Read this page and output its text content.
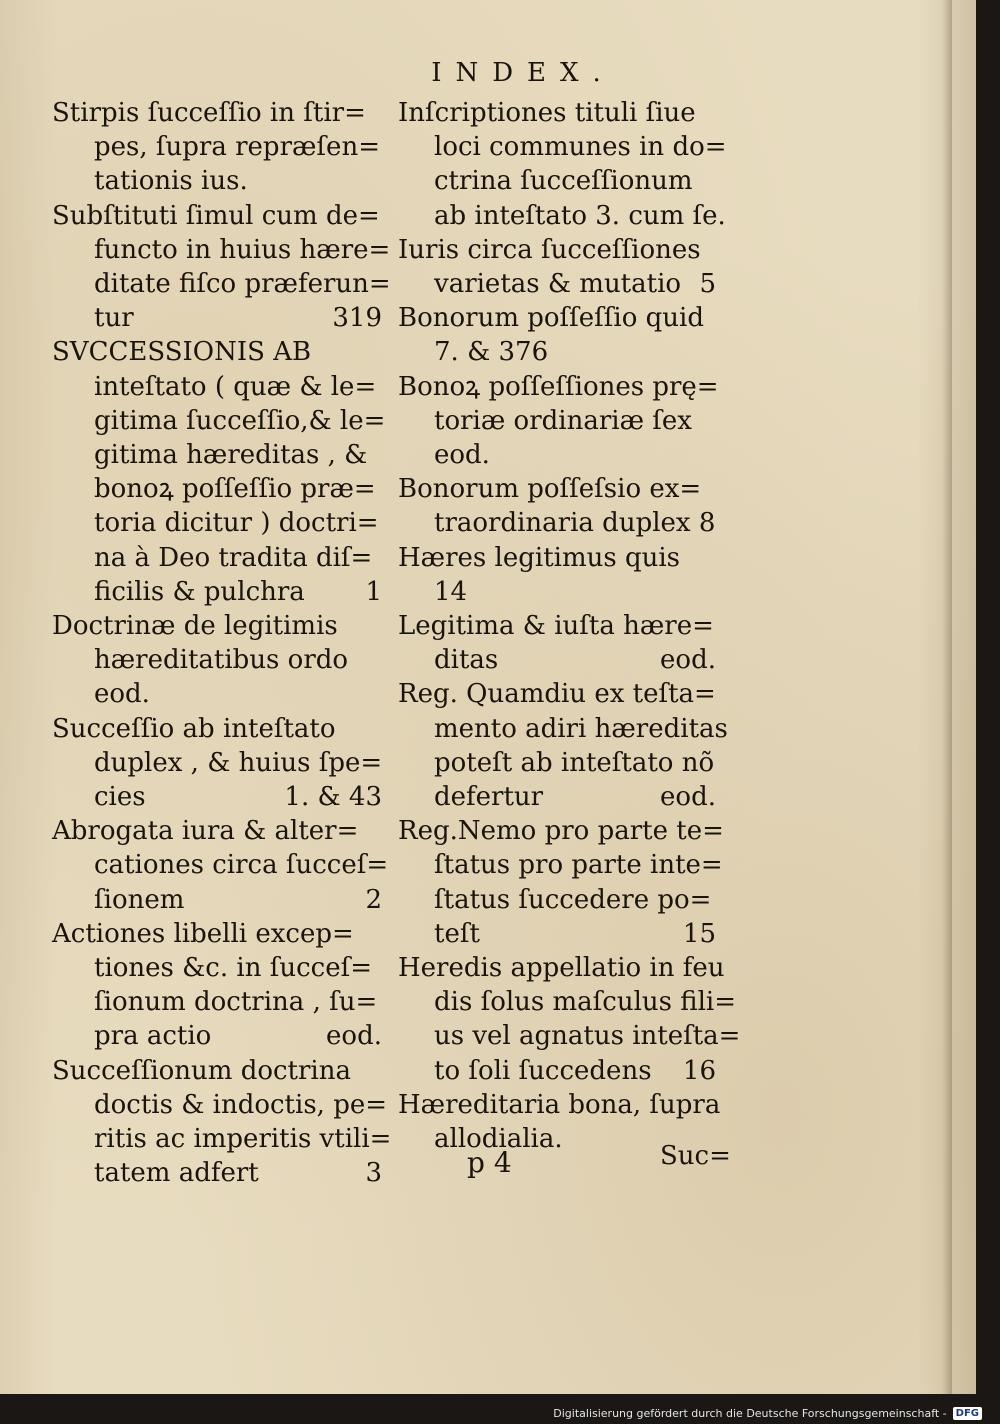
INDEX.
Stirpis ſucceſſio in ſtir=
pes, ſupra repræſen=
tationis ius.
Subſtituti ſimul cum de=
functo in huius hære=
ditate fiſco præferun=
tur	319
SVCCESSIONIS AB
inteſtato ( quæ & le=
gitima ſucceſſio,& le=
gitima hæreditas , &
bonoꝝ poſſeſſio præ=
toria dicitur ) doctri=
na à Deo tradita diſ=
ficilis & pulchra 1
Doctrinæ de legitimis
hæreditatibus ordo
eod.
Succeſſio ab inteſtato
duplex , & huius ſpe=
cies	1. & 43
Abrogata iura & alter=
cationes circa ſucceſ=
ſionem	2
Actiones libelli excep=
tiones &c. in ſucceſ=
ſionum doctrina , ſu=
pra actio	eod.
Succeſſionum doctrina
doctis & indoctis, pe=
ritis ac imperitis vtili=
tatem adfert	3
Inſcriptiones tituli ſiue
loci communes in do=
ctrina ſucceſſionum
ab inteſtato 3. cum ſe.
Iuris circa ſucceſſiones
varietas & mutatio 5
Bonorum poſſeſſio quid
7. & 376
Bonoꝝ poſſeſſiones prę=
toriæ ordinariæ ſex
eod.
Bonorum poſſeſsio ex=
traordinaria duplex 8
Hæres legitimus quis
14
Legitima & iuſta hære=
ditas	eod.
Reg. Quamdiu ex teſta=
mento adiri hæreditas
poteſt ab inteſtato nõ
defertur	eod.
Reg.Nemo pro parte te=
ſtatus pro parte inte=
ſtatus ſuccedere po=
teſt	15
Heredis appellatio in feu
dis ſolus maſculus fili=
us vel agnatus inteſta=
to ſoli ſuccedens 16
Hæreditaria bona, ſupra
allodialia.
p 4	Suc=
Digitalisierung gefördert durch die Deutsche Forschungsgemeinschaft - DFG
